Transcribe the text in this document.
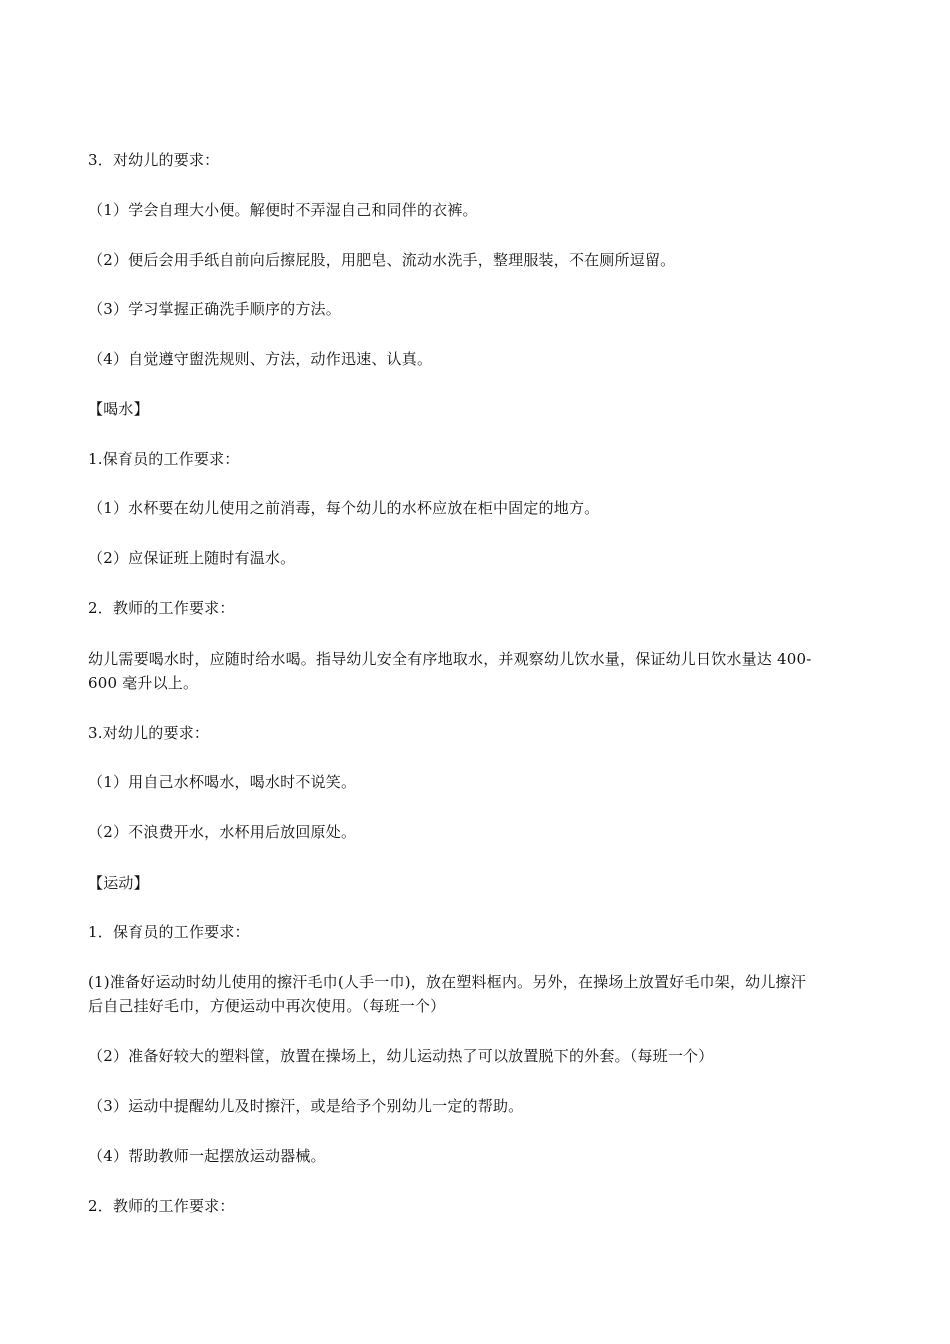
3．对幼儿的要求：
（1）学会自理大小便。解便时不弄湿自己和同伴的衣裤。
（2）便后会用手纸自前向后擦屁股，用肥皂、流动水洗手，整理服装，不在厕所逗留。
（3）学习掌握正确洗手顺序的方法。
（4）自觉遵守盥洗规则、方法，动作迅速、认真。
【喝水】
1.保育员的工作要求：
（1）水杯要在幼儿使用之前消毒，每个幼儿的水杯应放在柜中固定的地方。
（2）应保证班上随时有温水。
2．教师的工作要求：
幼儿需要喝水时，应随时给水喝。指导幼儿安全有序地取水，并观察幼儿饮水量，保证幼儿日饮水量达 400-
600 毫升以上。
3.对幼儿的要求：
（1）用自己水杯喝水，喝水时不说笑。
（2）不浪费开水，水杯用后放回原处。
【运动】
1．保育员的工作要求：
(1)准备好运动时幼儿使用的擦汗毛巾(人手一巾)，放在塑料框内。另外，在操场上放置好毛巾架，幼儿擦汗
后自己挂好毛巾，方便运动中再次使用。（每班一个）
（2）准备好较大的塑料筐，放置在操场上，幼儿运动热了可以放置脱下的外套。（每班一个）
（3）运动中提醒幼儿及时擦汗，或是给予个别幼儿一定的帮助。
（4）帮助教师一起摆放运动器械。
2．教师的工作要求：
